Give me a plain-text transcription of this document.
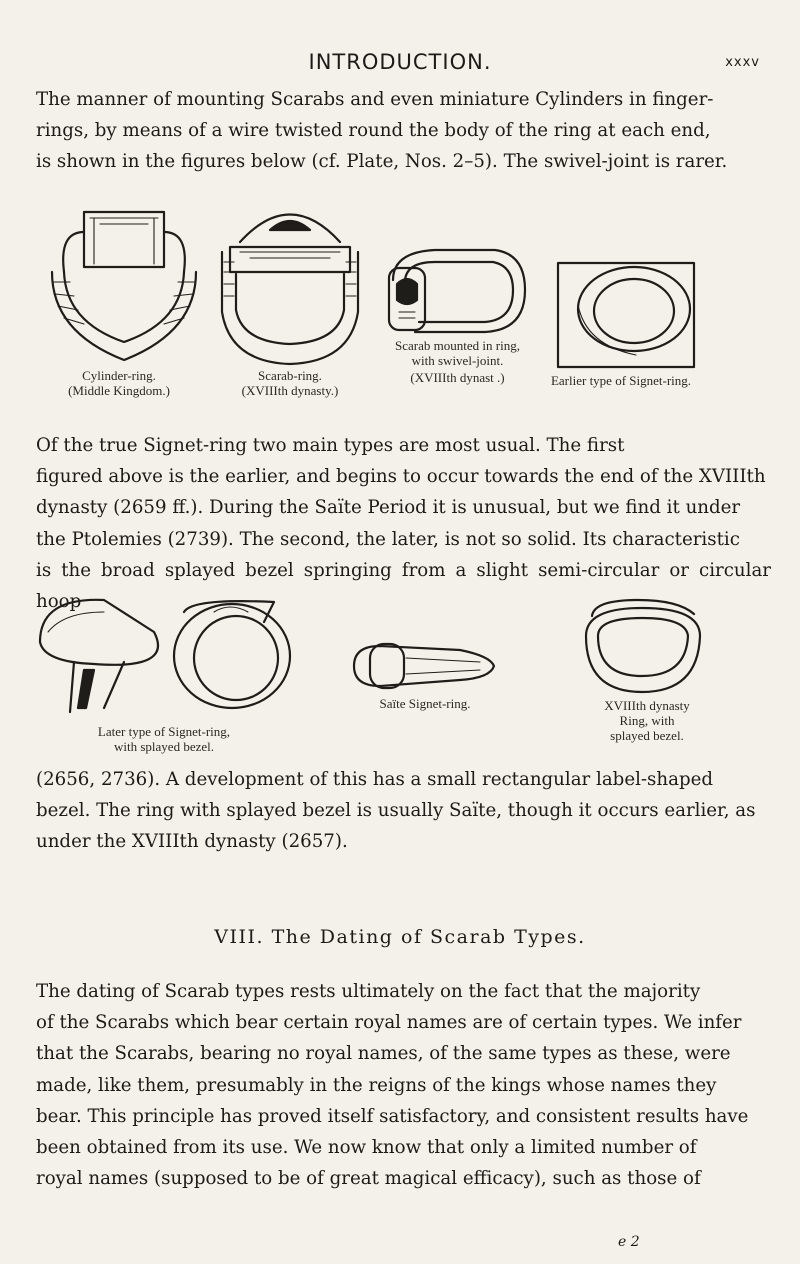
INTRODUCTION.	xxxv
The manner of mounting Scarabs and even miniature Cylinders in finger-
rings, by means of a wire twisted round the body of the ring at each end,
is shown in the figures below (cf. Plate, Nos. 2–5). The swivel-joint is rarer.
Cylinder-ring.
(Middle Kingdom.)
Scarab-ring.
(XVIIIth dynasty.)
Scarab mounted in ring,
with swivel-joint.
(XVIIIth dynast .)	Earlier type of Signet-ring.
Of the true Signet-ring two main types are most usual. The first
figured above is the earlier, and begins to occur towards the end of the XVIIIth
dynasty (2659 ff.). During the Saïte Period it is unusual, but we find it under
the Ptolemies (2739). The second, the later, is not so solid. Its characteristic
is the broad splayed bezel springing from a slight semi-circular or circular hoop
Later type of Signet-ring,
with splayed bezel.
Saïte Signet-ring.	XVIIIth dynasty
Ring, with
splayed bezel.
(2656, 2736). A development of this has a small rectangular label-shaped
bezel. The ring with splayed bezel is usually Saïte, though it occurs earlier, as
under the XVIIIth dynasty (2657).
VIII. The Dating of Scarab Types.
The dating of Scarab types rests ultimately on the fact that the majority
of the Scarabs which bear certain royal names are of certain types. We infer
that the Scarabs, bearing no royal names, of the same types as these, were
made, like them, presumably in the reigns of the kings whose names they
bear. This principle has proved itself satisfactory, and consistent results have
been obtained from its use. We now know that only a limited number of
royal names (supposed to be of great magical efficacy), such as those of
e 2
